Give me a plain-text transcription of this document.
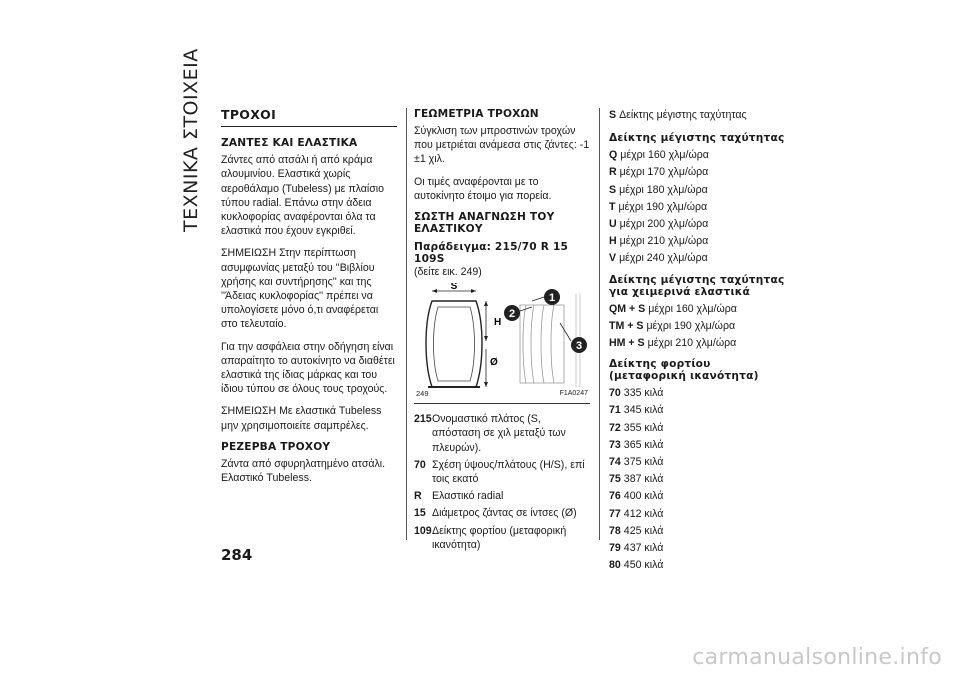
ΤΕΧΝΙΚΑ ΣΤΟΙΧΕΙΑ ΤΡΟΧΟΙ
ΖΑΝΤΕΣ ΚΑΙ ΕΛΑΣΤΙΚΑ

Ζάντες από ατσάλι ή από κράμα αλουμινίου. Ελαστικά χωρίς αεροθάλαμο (Tubeless) με πλαίσιο τύπου radial. Επάνω στην άδεια κυκλοφορίας αναφέρονται όλα τα ελαστικά που έχουν εγκριθεί.

ΣΗΜΕΙΩΣΗ Στην περίπτωση ασυμφωνίας μεταξύ του ''Βιβλίου χρήσης και συντήρησης'' και της ''Άδειας κυκλοφορίας'' πρέπει να υπολογίσετε μόνο ό,τι αναφέρεται στο τελευταίο.

Για την ασφάλεια στην οδήγηση είναι απαραίτητο το αυτοκίνητο να διαθέτει ελαστικά της ίδιας μάρκας και του ίδιου τύπου σε όλους τους τροχούς.

ΣΗΜΕΙΩΣΗ Με ελαστικά Tubeless μην χρησιμοποιείτε σαμπρέλες.

ΡΕΖΕΡΒΑ ΤΡΟΧΟΥ

Ζάντα από σφυρηλατημένο ατσάλι. Ελαστικό Tubeless.

ΓΕΩΜΕΤΡΙΑ ΤΡΟΧΩΝ

Σύγκλιση των μπροστινών τροχών που μετριέται ανάμεσα στις ζάντες: -1 ±1 χιλ.

Οι τιμές αναφέρονται με το αυτοκίνητο έτοιμο για πορεία.

ΣΩΣΤΗ ΑΝΑΓΝΩΣΗ ΤΟΥ ΕΛΑΣΤΙΚΟΥ
Παράδειγμα: 215/70 R 15 109S
(δείτε εικ. 249)
S
H
Ø
2
1
3
249	F1A0247
215Ονομαστικό πλάτος (S, απόσταση σε χιλ μεταξύ των πλευρών).
70 Σχέση ύψους/πλάτους (H/S), επί τοις εκατό
R Ελαστικό radial
15 Διάμετρος ζάντας σε ίντσες (Ø)
109Δείκτης φορτίου (μεταφορική ικανότητα)
S Δείκτης μέγιστης ταχύτητας
Δείκτης μέγιστης ταχύτητας
Q μέχρι 160 χλμ/ώρα
R μέχρι 170 χλμ/ώρα
S μέχρι 180 χλμ/ώρα
T μέχρι 190 χλμ/ώρα
U μέχρι 200 χλμ/ώρα
H μέχρι 210 χλμ/ώρα
V μέχρι 240 χλμ/ώρα
Δείκτης μέγιστης ταχύτητας για χειμερινά ελαστικά
QM + S μέχρι 160 χλμ/ώρα
TM + S μέχρι 190 χλμ/ώρα
HM + S μέχρι 210 χλμ/ώρα
Δείκτης φορτίου (μεταφορική ικανότητα)
70 335 κιλά
71 345 κιλά
72 355 κιλά
73 365 κιλά
74 375 κιλά
75 387 κιλά
76 400 κιλά
77 412 κιλά
78 425 κιλά
79 437 κιλά
80 450 κιλά
284
carmanualsonline.info
